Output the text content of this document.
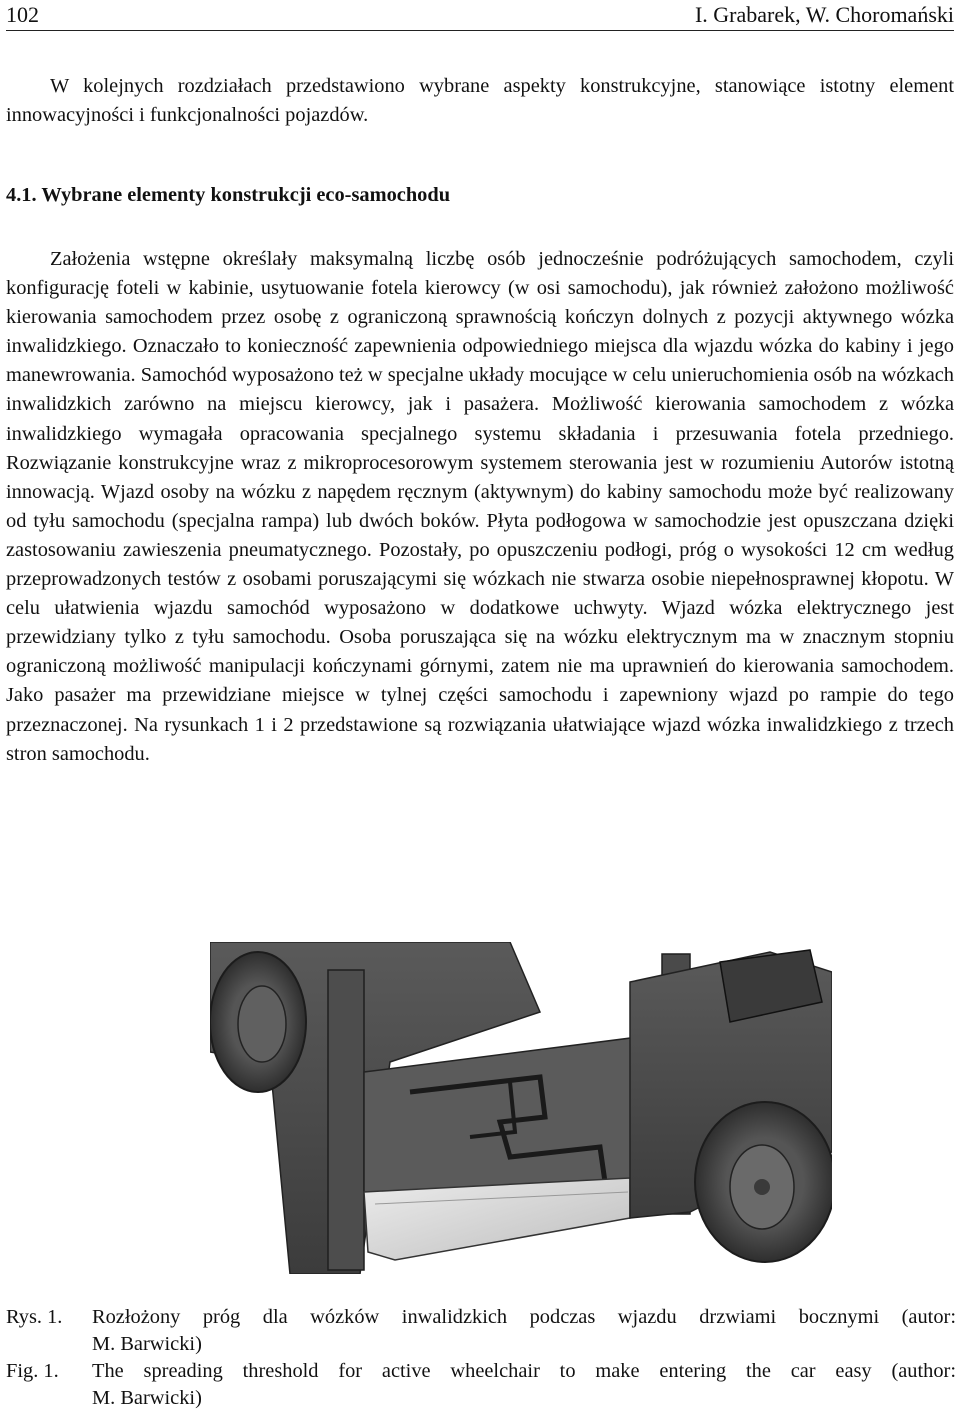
102	I. Grabarek, W. Choromański

W kolejnych rozdziałach przedstawiono wybrane aspekty konstrukcyjne, stanowiące istotny element innowacyjności i funkcjonalności pojazdów.

4.1. Wybrane elementy konstrukcji eco-samochodu

Założenia wstępne określały maksymalną liczbę osób jednocześnie podróżujących samochodem, czyli konfigurację foteli w kabinie, usytuowanie fotela kierowcy (w osi samochodu), jak również założono możliwość kierowania samochodem przez osobę z ograniczoną sprawnością kończyn dolnych z pozycji aktywnego wózka inwalidzkiego. Oznaczało to konieczność zapewnienia odpowiedniego miejsca dla wjazdu wózka do kabiny i jego manewrowania. Samochód wyposażono też w specjalne układy mocujące w celu unieruchomienia osób na wózkach inwalidzkich zarówno na miejscu kierowcy, jak i pasażera. Możliwość kierowania samochodem z wózka inwalidzkiego wymagała opracowania specjalnego systemu składania i przesuwania fotela przedniego. Rozwiązanie konstrukcyjne wraz z mikroprocesorowym systemem sterowania jest w rozumieniu Autorów istotną innowacją. Wjazd osoby na wózku z napędem ręcznym (aktywnym) do kabiny samochodu może być realizowany od tyłu samochodu (specjalna rampa) lub dwóch boków. Płyta podłogowa w samochodzie jest opuszczana dzięki zastosowaniu zawieszenia pneumatycznego. Pozostały, po opuszczeniu podłogi, próg o wysokości 12 cm według przeprowadzonych testów z osobami poruszającymi się wózkach nie stwarza osobie niepełnosprawnej kłopotu. W celu ułatwienia wjazdu samochód wyposażono w dodatkowe uchwyty. Wjazd wózka elektrycznego jest przewidziany tylko z tyłu samochodu. Osoba poruszająca się na wózku elektrycznym ma w znacznym stopniu ograniczoną możliwość manipulacji kończynami górnymi, zatem nie ma uprawnień do kierowania samochodem. Jako pasażer ma przewidziane miejsce w tylnej części samochodu i zapewniony wjazd po rampie do tego przeznaczonej. Na rysunkach 1 i 2 przedstawione są rozwiązania ułatwiające wjazd wózka inwalidzkiego z trzech stron samochodu.

Rys. 1.	Rozłożony próg dla wózków inwalidzkich podczas wjazdu drzwiami bocznymi (autor:
M. Barwicki)
Fig. 1.	The spreading threshold for active wheelchair to make entering the car easy (author:
M. Barwicki)
